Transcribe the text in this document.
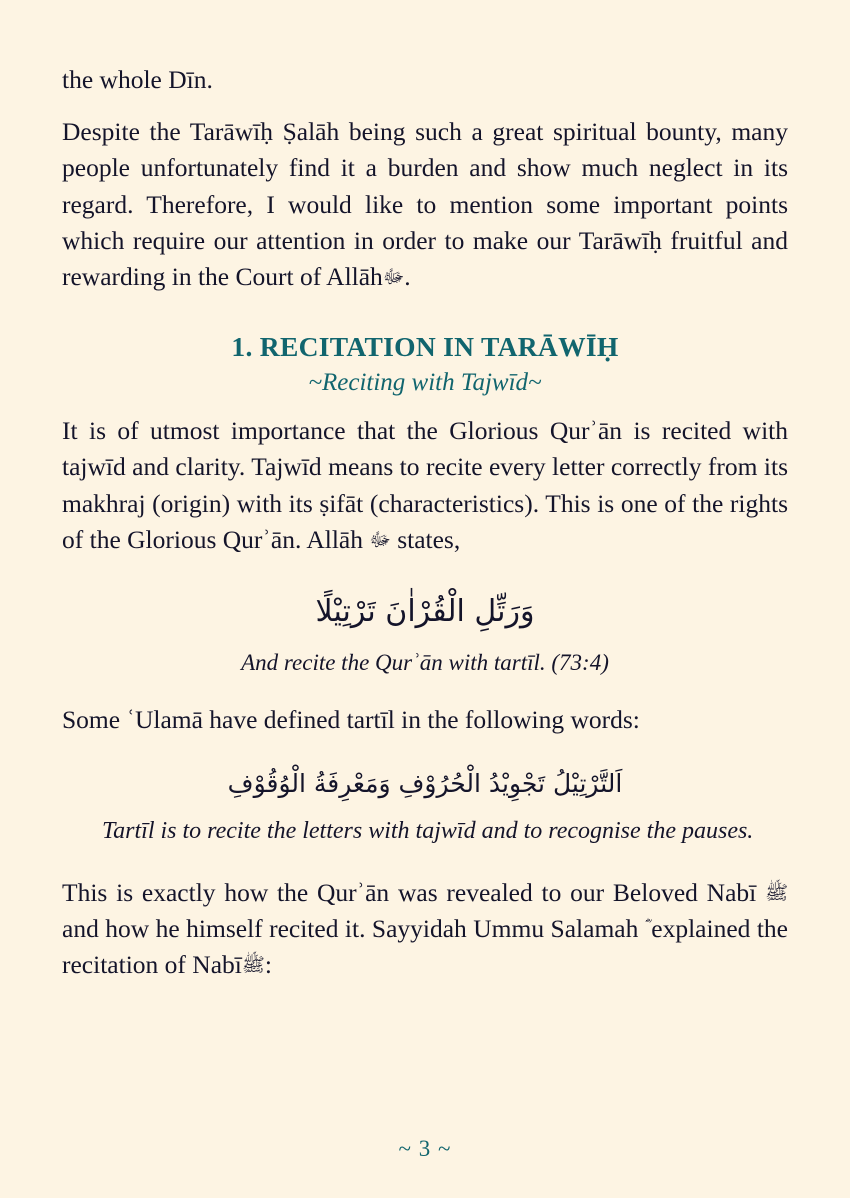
the whole Dīn.

Despite the Tarāwīḥ Ṣalāh being such a great spiritual bounty, many people unfortunately find it a burden and show much neglect in its regard. Therefore, I would like to mention some important points which require our attention in order to make our Tarāwīḥ fruitful and rewarding in the Court of Allāhﷻ.

1. RECITATION IN TARĀWĪḤ
~Reciting with Tajwīd~

It is of utmost importance that the Glorious Qurʾān is recited with tajwīd and clarity. Tajwīd means to recite every letter correctly from its makhraj (origin) with its ṣifāt (characteristics). This is one of the rights of the Glorious Qurʾān. Allāh ﷻ states,

وَرَتِّلِ الْقُرْاٰنَ تَرْتِيْلًا
And recite the Qurʾān with tartīl. (73:4)

Some ʿUlamā have defined tartīl in the following words:

اَلتَّرْتِيْلُ تَجْوِيْدُ الْحُرُوْفِ وَمَعْرِفَةُ الْوُقُوْفِ
Tartīl is to recite the letters with tajwīd and to recognise the pauses.

This is exactly how the Qurʾān was revealed to our Beloved Nabī ﷺ and how he himself recited it. Sayyidah Ummu Salamah explained the recitation of Nabīﷺ:

~ 3 ~
